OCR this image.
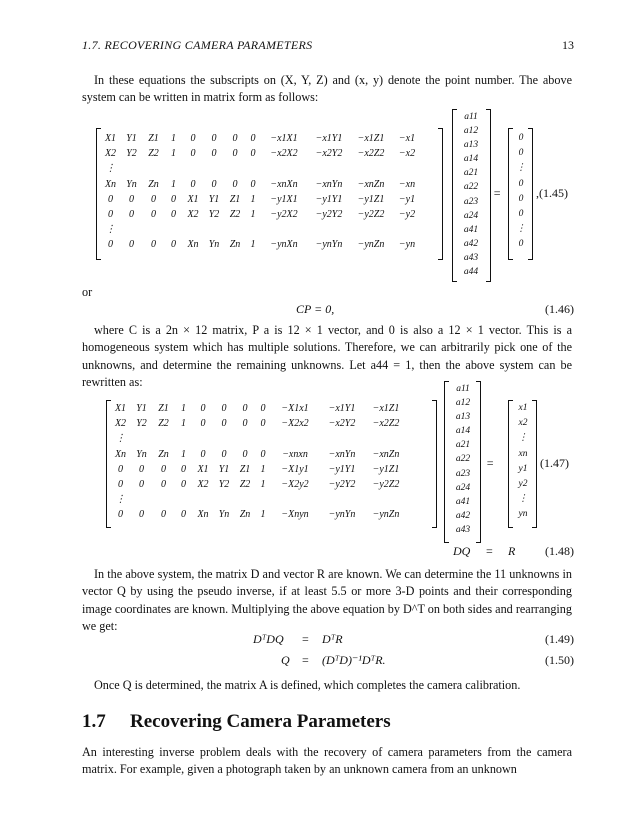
1.7. RECOVERING CAMERA PARAMETERS	13
In these equations the subscripts on (X, Y, Z) and (x, y) denote the point number. The above system can be written in matrix form as follows:
X1	Y1	Z1	1	0	0	0	0	−x1X1	−x1Y1	−x1Z1	−x1
X2	Y2	Z2	1	0	0	0	0	−x2X2	−x2Y2	−x2Z2	−x2
⋮
Xn	Yn	Zn	1	0	0	0	0	−xnXn	−xnYn	−xnZn	−xn
0	0	0	0	X1	Y1	Z1	1	−y1X1	−y1Y1	−y1Z1	−y1
0	0	0	0	X2	Y2	Z2	1	−y2X2	−y2Y2	−y2Z2	−y2
⋮
0	0	0	0	Xn	Yn	Zn	1	−ynXn	−ynYn	−ynZn	−yn
a11
a12
a13
a14
a21
a22
a23
a24
a41
a42
a43
a44
=
0
0
⋮
0
0
0
⋮
0
,(1.45)
or
CP = 0,	(1.46)
where C is a 2n × 12 matrix, P a is 12 × 1 vector, and 0 is also a 12 × 1 vector. This is a homogeneous system which has multiple solutions. Therefore, we can arbitrarily pick one of the unknowns, and determine the remaining unknowns. Let a44 = 1, then the above system can be rewritten as:
X1	Y1	Z1	1	0	0	0	0	−X1x1	−x1Y1	−x1Z1
X2	Y2	Z2	1	0	0	0	0	−X2x2	−x2Y2	−x2Z2
⋮
Xn	Yn	Zn	1	0	0	0	0	−xnxn	−xnYn	−xnZn
0	0	0	0	X1	Y1	Z1	1	−X1y1	−y1Y1	−y1Z1
0	0	0	0	X2	Y2	Z2	1	−X2y2	−y2Y2	−y2Z2
⋮
0	0	0	0	Xn	Yn	Zn	1	−Xnyn	−ynYn	−ynZn
a11
a12
a13
a14
a21
a22
a23
a24
a41
a42
a43
=
x1
x2
⋮
xn
y1
y2
⋮
yn
(1.47)
DQ = R (1.48)
In the above system, the matrix D and vector R are known. We can determine the 11 unknowns in vector Q by using the pseudo inverse, if at least 5.5 or more 3-D points and their corresponding image coordinates are known. Multiplying the above equation by D^T on both sides and rearranging we get:
DᵀDQ = DᵀR	(1.49)
Q = (DᵀD)⁻¹DᵀR.	(1.50)
Once Q is determined, the matrix A is defined, which completes the camera calibration.
1.7 Recovering Camera Parameters
An interesting inverse problem deals with the recovery of camera parameters from the camera matrix. For example, given a photograph taken by an unknown camera from an unknown
